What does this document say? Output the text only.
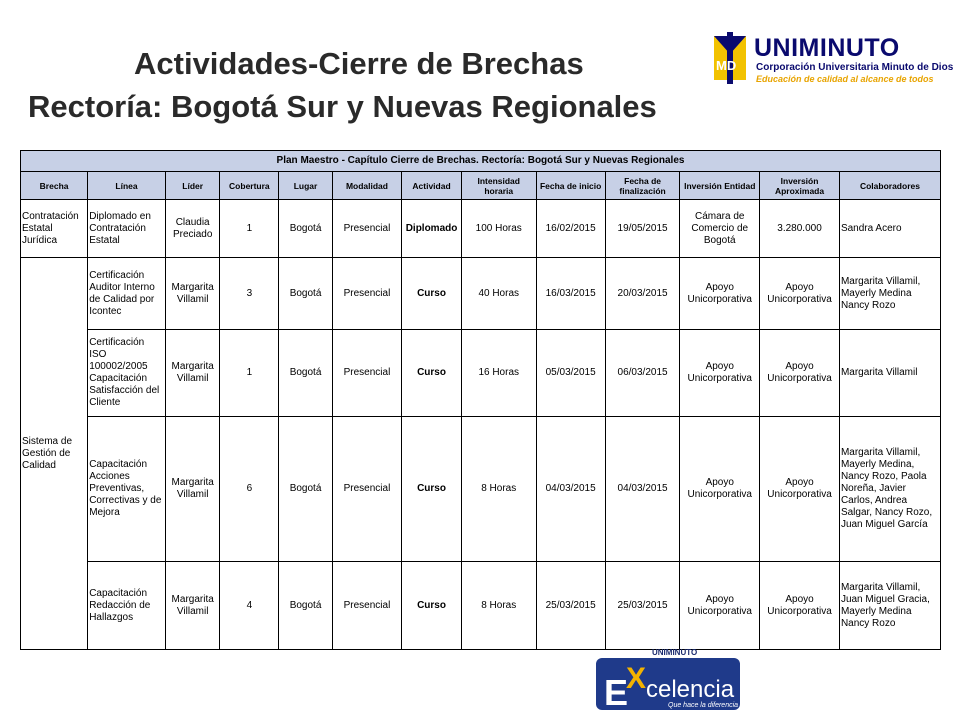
Actividades-Cierre de Brechas
Rectoría: Bogotá Sur y Nuevas Regionales
MD
UNIMINUTO
Corporación Universitaria Minuto de Dios
Educación de calidad al alcance de todos
Plan Maestro - Capítulo Cierre de Brechas. Rectoría: Bogotá Sur y Nuevas Regionales												
Brecha	Línea	Líder	Cobertura	Lugar	Modalidad	Actividad	Intensidad horaria	Fecha de inicio	Fecha de finalización	Inversión Entidad	Inversión Aproximada	Colaboradores
Contratación Estatal Jurídica	Diplomado en Contratación Estatal	Claudia Preciado	1	Bogotá	Presencial	Diplomado	100 Horas	16/02/2015	19/05/2015	Cámara de Comercio de Bogotá	3.280.000	Sandra Acero
Sistema de Gestión de Calidad	Certificación Auditor Interno de Calidad por Icontec	Margarita Villamil	3	Bogotá	Presencial	Curso	40 Horas	16/03/2015	20/03/2015	Apoyo Unicorporativa	Apoyo Unicorporativa	Margarita Villamil, Mayerly Medina Nancy Rozo
	Certificación ISO 100002/2005 Capacitación Satisfacción del Cliente	Margarita Villamil	1	Bogotá	Presencial	Curso	16 Horas	05/03/2015	06/03/2015	Apoyo Unicorporativa	Apoyo Unicorporativa	Margarita Villamil
	Capacitación Acciones Preventivas, Correctivas y de Mejora	Margarita Villamil	6	Bogotá	Presencial	Curso	8 Horas	04/03/2015	04/03/2015	Apoyo Unicorporativa	Apoyo Unicorporativa	Margarita Villamil, Mayerly Medina, Nancy Rozo, Paola Noreña, Javier Carlos, Andrea Salgar, Nancy Rozo, Juan Miguel García
	Capacitación Redacción de Hallazgos	Margarita Villamil	4	Bogotá	Presencial	Curso	8 Horas	25/03/2015	25/03/2015	Apoyo Unicorporativa	Apoyo Unicorporativa	Margarita Villamil, Juan Miguel Gracia, Mayerly Medina Nancy Rozo
UNIMINUTO
E
X celencia
Que hace la diferencia
